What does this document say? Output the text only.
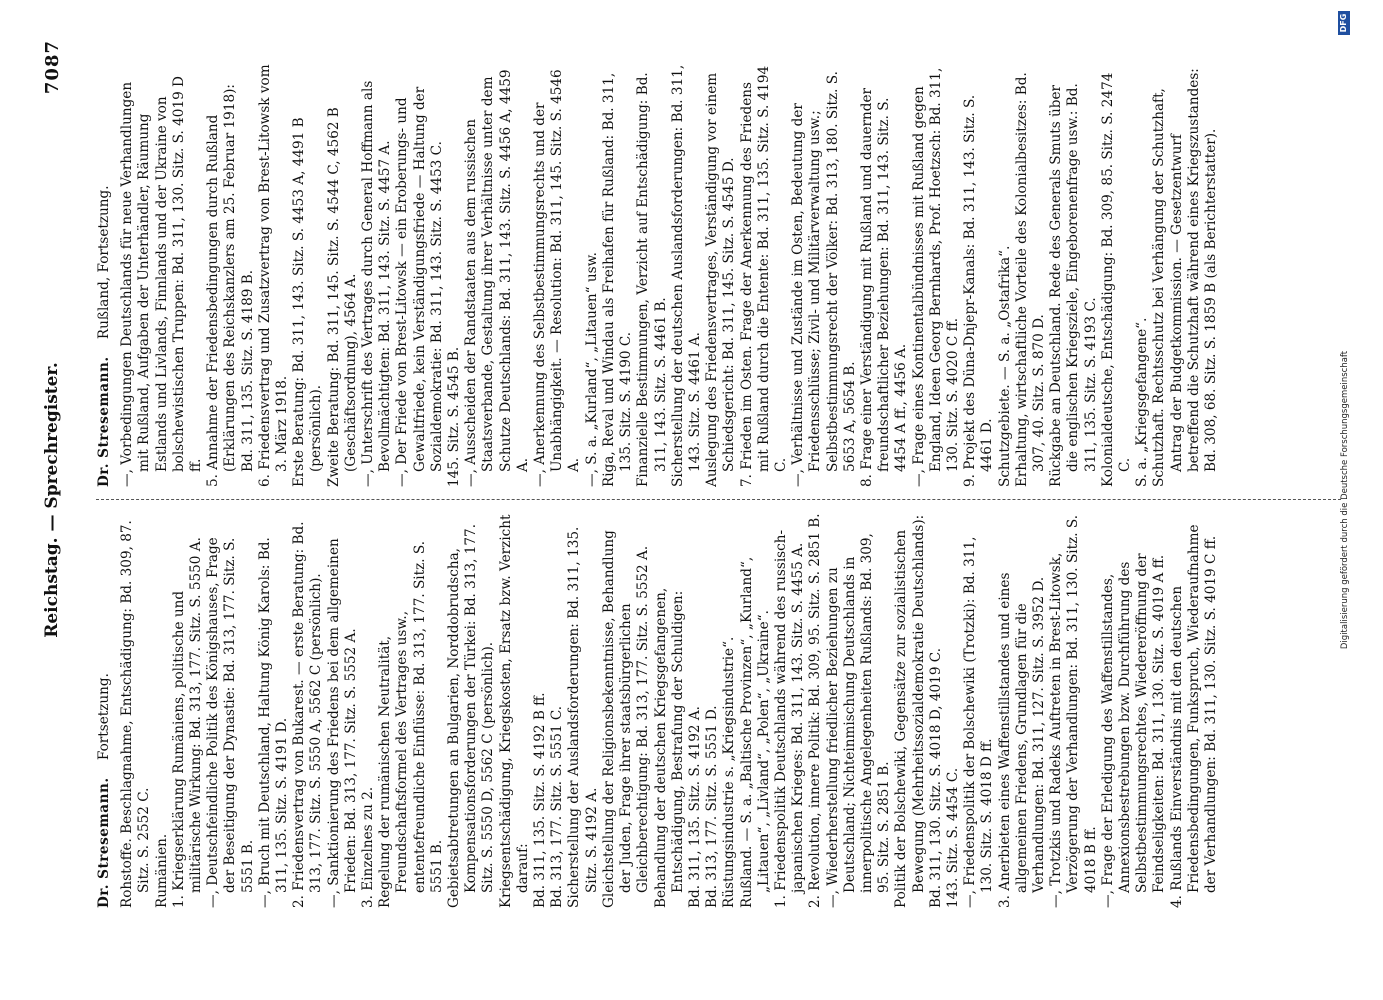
Reichstag. — Sprechregister.
7087
Dr. Stresemann.    Fortsetzung. Rohstoffe. Beschlagnahme, Entschädigung: Bd. 309, 87. Sitz. S. 2552 C. Rumänien. 1. Kriegserklärung Rumäniens, politische und militärische Wirkung: Bd. 313, 177. Sitz. S. 5550 A. —, Deutschfeindliche Politik des Königshauses, Frage der Beseitigung der Dynastie: Bd. 313, 177. Sitz. S. 5551 B. —, Bruch mit Deutschland, Haltung König Karols: Bd. 311, 135. Sitz. S. 4191 D. 2. Friedensvertrag von Bukarest. — erste Beratung: Bd. 313, 177. Sitz. S. 5550 A, 5562 C (persönlich). —, Sanktionierung des Friedens bei dem allgemeinen Frieden: Bd. 313, 177. Sitz. S. 5552 A. 3. Einzelnes zu 2. Regelung der rumänischen Neutralität, Freundschaftsformel des Vertrages usw., ententefreundliche Einflüsse: Bd. 313, 177. Sitz. S. 5551 B. Gebietsabtretungen an Bulgarien, Norddobrudscha, Kompensationsforderungen der Türkei: Bd. 313, 177. Sitz. S. 5550 D, 5562 C (persönlich). Kriegsentschädigung, Kriegskosten, Ersatz bzw. Verzicht darauf: Bd. 311, 135. Sitz. S. 4192 B ff. Bd. 313, 177. Sitz. S. 5551 C. Sicherstellung der Auslandsforderungen: Bd. 311, 135. Sitz. S. 4192 A. Gleichstellung der Religionsbekenntnisse, Behandlung der Juden, Frage ihrer staatsbürgerlichen Gleichberechtigung: Bd. 313, 177. Sitz. S. 5552 A. Behandlung der deutschen Kriegsgefangenen, Entschädigung, Bestrafung der Schuldigen: Bd. 311, 135. Sitz. S. 4192 A. Bd. 313, 177. Sitz. S. 5551 D. Rüstungsindustrie s. „Kriegsindustrie“. Rußland. — S. a. „Baltische Provinzen“, „Kurland“, „Litauen“, „Livland“, „Polen“, „Ukraine“. 1. Friedenspolitik Deutschlands während des russisch-japanischen Krieges: Bd. 311, 143. Sitz. S. 4455 A. 2. Revolution, innere Politik: Bd. 309, 95. Sitz. S. 2851 B. —, Wiederherstellung friedlicher Beziehungen zu Deutschland; Nichteinmischung Deutschlands in innerpolitische Angelegenheiten Rußlands: Bd. 309, 95. Sitz. S. 2851 B. Politik der Bolschewiki, Gegensätze zur sozialistischen Bewegung (Mehrheitssozialdemokratie Deutschlands): Bd. 311, 130. Sitz. S. 4018 D, 4019 C. 143. Sitz. S. 4454 C. —, Friedenspolitik der Bolschewiki (Trotzki): Bd. 311, 130. Sitz. S. 4018 D ff. 3. Anerbieten eines Waffenstillstandes und eines allgemeinen Friedens, Grundlagen für die Verhandlungen: Bd. 311, 127. Sitz. S. 3952 D. —, Trotzkis und Radeks Auftreten in Brest-Litowsk, Verzögerung der Verhandlungen: Bd. 311, 130. Sitz. S. 4018 B ff. —, Frage der Erledigung des Waffenstillstandes, Annexionsbestrebungen bzw. Durchführung des Selbstbestimmungsrechtes, Wiedereröffnung der Feindseligkeiten: Bd. 311, 130. Sitz. S. 4019 A ff. 4. Rußlands Einverständnis mit den deutschen Friedensbedingungen, Funkspruch, Wiederaufnahme der Verhandlungen: Bd. 311, 130. Sitz. S. 4019 C ff.

Dr. Stresemann.    Rußland, Fortsetzung. —, Vorbedingungen Deutschlands für neue Verhandlungen mit Rußland, Aufgaben der Unterhändler, Räumung Estlands und Livlands, Finnlands und der Ukraine von bolschewistischen Truppen: Bd. 311, 130. Sitz. S. 4019 D ff. 5. Annahme der Friedensbedingungen durch Rußland (Erklärungen des Reichskanzlers am 25. Februar 1918): Bd. 311, 135. Sitz. S. 4189 B. 6. Friedensvertrag und Zusatzvertrag von Brest-Litowsk vom 3. März 1918. Erste Beratung: Bd. 311, 143. Sitz. S. 4453 A, 4491 B (persönlich). Zweite Beratung: Bd. 311, 145. Sitz. S. 4544 C, 4562 B (Geschäftsordnung), 4564 A. —, Unterschrift des Vertrages durch General Hoffmann als Bevollmächtigten: Bd. 311, 143. Sitz. S. 4457 A. —, Der Friede von Brest-Litowsk — ein Eroberungs- und Gewaltfriede, kein Verständigungsfriede — Haltung der Sozialdemokratie: Bd. 311, 143. Sitz. S. 4453 C. 145. Sitz. S. 4545 B. —, Ausscheiden der Randstaaten aus dem russischen Staatsverbande, Gestaltung ihrer Verhältnisse unter dem Schutze Deutschlands: Bd. 311, 143. Sitz. S. 4456 A, 4459 A. —, Anerkennung des Selbstbestimmungsrechts und der Unabhängigkeit. — Resolution: Bd. 311, 145. Sitz. S. 4546 A. —, S. a. „Kurland“, „Litauen“ usw. Riga, Reval und Windau als Freihafen für Rußland: Bd. 311, 135. Sitz. S. 4190 C. Finanzielle Bestimmungen, Verzicht auf Entschädigung: Bd. 311, 143. Sitz. S. 4461 B. Sicherstellung der deutschen Auslandsforderungen: Bd. 311, 143. Sitz. S. 4461 A. Auslegung des Friedensvertrages, Verständigung vor einem Schiedsgericht: Bd. 311, 145. Sitz. S. 4545 D. 7. Frieden im Osten. Frage der Anerkennung des Friedens mit Rußland durch die Entente: Bd. 311, 135. Sitz. S. 4194 C. —, Verhältnisse und Zustände im Osten, Bedeutung der Friedensschlüsse; Zivil- und Militärverwaltung usw.; Selbstbestimmungsrecht der Völker: Bd. 313, 180. Sitz. S. 5653 A, 5654 B. 8. Frage einer Verständigung mit Rußland und dauernder freundschaftlicher Beziehungen: Bd. 311, 143. Sitz. S. 4454 A ff., 4456 A. —, Frage eines Kontinentalbündnisses mit Rußland gegen England, Ideen Georg Bernhards, Prof. Hoetzsch: Bd. 311, 130. Sitz. S. 4020 C ff. 9. Projekt des Düna-Dnjepr-Kanals: Bd. 311, 143. Sitz. S. 4461 D. Schutzgebiete. — S. a. „Ostafrika“. Erhaltung, wirtschaftliche Vorteile des Kolonialbesitzes: Bd. 307, 40. Sitz. S. 870 D. Rückgabe an Deutschland. Rede des Generals Smuts über die englischen Kriegsziele, Eingeborenenfrage usw.: Bd. 311, 135. Sitz. S. 4193 C. Kolonialdeutsche, Entschädigung: Bd. 309, 85. Sitz. S. 2474 C. S. a. „Kriegsgefangene“. Schutzhaft. Rechtsschutz bei Verhängung der Schutzhaft, Antrag der Budgetkommission. — Gesetzentwurf betreffend die Schutzhaft während eines Kriegszustandes: Bd. 308, 68. Sitz. S. 1859 B (als Berichterstatter).

Digitalisierung gefördert durch die Deutsche Forschungsgemeinschaft
DFG
